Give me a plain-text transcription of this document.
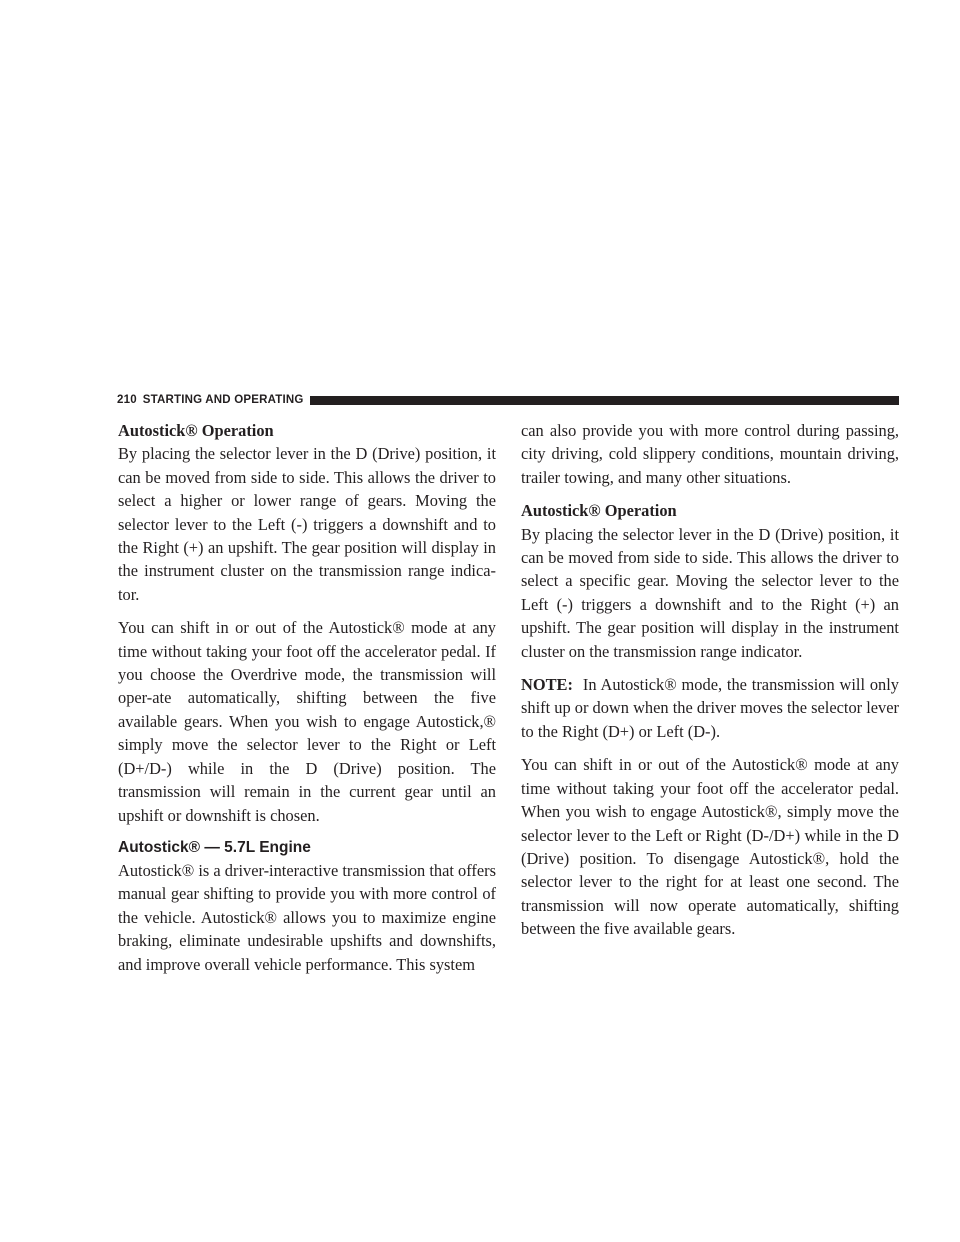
210 STARTING AND OPERATING
Autostick® Operation

By placing the selector lever in the D (Drive) position, it can be moved from side to side. This allows the driver to select a higher or lower range of gears. Moving the selector lever to the Left (-) triggers a downshift and to the Right (+) an upshift. The gear position will display in the instrument cluster on the transmission range indica-tor.

You can shift in or out of the Autostick® mode at any time without taking your foot off the accelerator pedal. If you choose the Overdrive mode, the transmission will oper-ate automatically, shifting between the five available gears. When you wish to engage Autostick,® simply move the selector lever to the Right or Left (D+/D-) while in the D (Drive) position. The transmission will remain in the current gear until an upshift or downshift is chosen.

Autostick® — 5.7L Engine

Autostick® is a driver-interactive transmission that offers manual gear shifting to provide you with more control of the vehicle. Autostick® allows you to maximize engine braking, eliminate undesirable upshifts and downshifts, and improve overall vehicle performance. This system

can also provide you with more control during passing, city driving, cold slippery conditions, mountain driving, trailer towing, and many other situations.

Autostick® Operation

By placing the selector lever in the D (Drive) position, it can be moved from side to side. This allows the driver to select a specific gear. Moving the selector lever to the Left (-) triggers a downshift and to the Right (+) an upshift. The gear position will display in the instrument cluster on the transmission range indicator.

NOTE: In Autostick® mode, the transmission will only shift up or down when the driver moves the selector lever to the Right (D+) or Left (D-).

You can shift in or out of the Autostick® mode at any time without taking your foot off the accelerator pedal. When you wish to engage Autostick®, simply move the selector lever to the Left or Right (D-/D+) while in the D (Drive) position. To disengage Autostick®, hold the selector lever to the right for at least one second. The transmission will now operate automatically, shifting between the five available gears.
